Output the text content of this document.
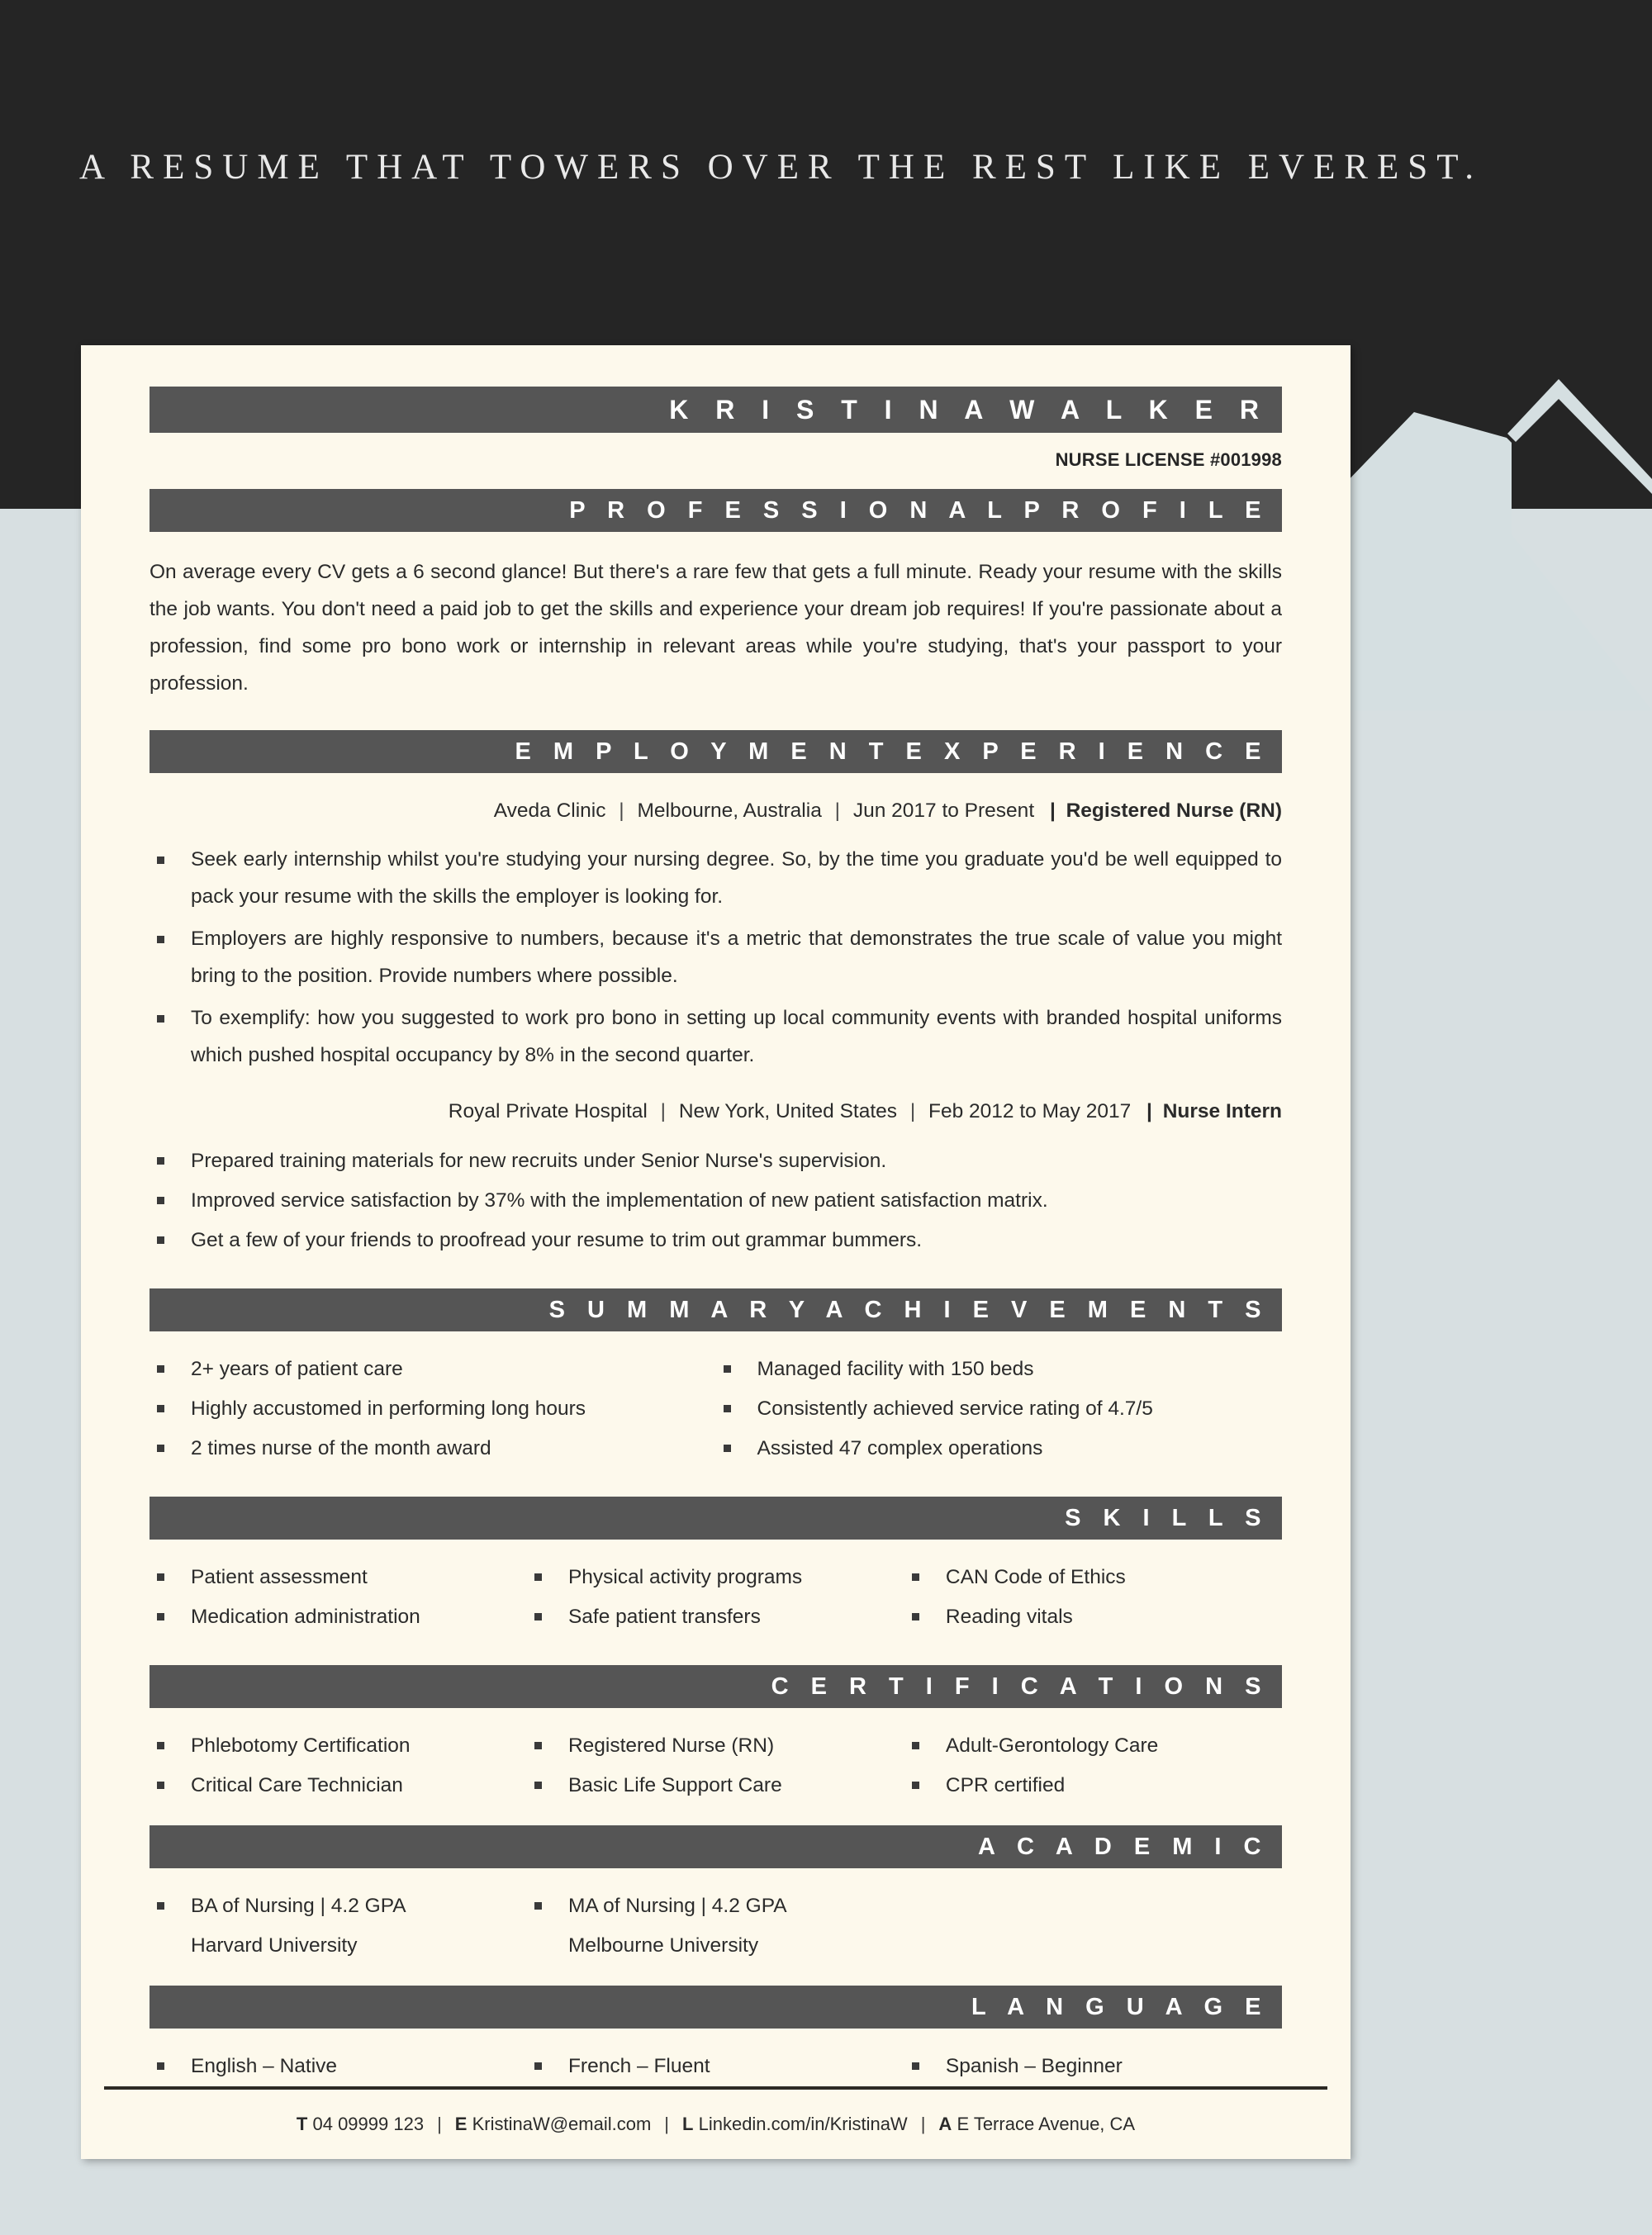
A RESUME THAT TOWERS OVER THE REST LIKE EVEREST.
K R I S T I N A W A L K E R
NURSE LICENSE #001998
P R O F E S S I O N A L P R O F I L E

On average every CV gets a 6 second glance! But there's a rare few that gets a full minute. Ready your resume with the skills the job wants. You don't need a paid job to get the skills and experience your dream job requires! If you're passionate about a profession, find some pro bono work or internship in relevant areas while you're studying, that's your passport to your profession.

E M P L O Y M E N T E X P E R I E N C E
Aveda Clinic | Melbourne, Australia | Jun 2017 to Present | Registered Nurse (RN)
Seek early internship whilst you're studying your nursing degree. So, by the time you graduate you'd be well equipped to pack your resume with the skills the employer is looking for.
Employers are highly responsive to numbers, because it's a metric that demonstrates the true scale of value you might bring to the position. Provide numbers where possible.
To exemplify: how you suggested to work pro bono in setting up local community events with branded hospital uniforms which pushed hospital occupancy by 8% in the second quarter.
Royal Private Hospital | New York, United States | Feb 2012 to May 2017 | Nurse Intern
Prepared training materials for new recruits under Senior Nurse's supervision.
Improved service satisfaction by 37% with the implementation of new patient satisfaction matrix.
Get a few of your friends to proofread your resume to trim out grammar bummers.
S U M M A R Y A C H I E V E M E N T S
2+ years of patient care
Highly accustomed in performing long hours
2 times nurse of the month award
Managed facility with 150 beds
Consistently achieved service rating of 4.7/5
Assisted 47 complex operations
S K I L L S
Patient assessment
Medication administration
Physical activity programs
Safe patient transfers
CAN Code of Ethics
Reading vitals
C E R T I F I C A T I O N S
Phlebotomy Certification
Critical Care Technician
Registered Nurse (RN)
Basic Life Support Care
Adult-Gerontology Care
CPR certified
A C A D E M I C
BA of Nursing | 4.2 GPA
Harvard University
MA of Nursing | 4.2 GPA
Melbourne University
L A N G U A G E
English – Native	French – Fluent	Spanish – Beginner
T
04 09999 123 | E
KristinaW@email.com | L
Linkedin.com/in/KristinaW | A
E Terrace Avenue, CA
